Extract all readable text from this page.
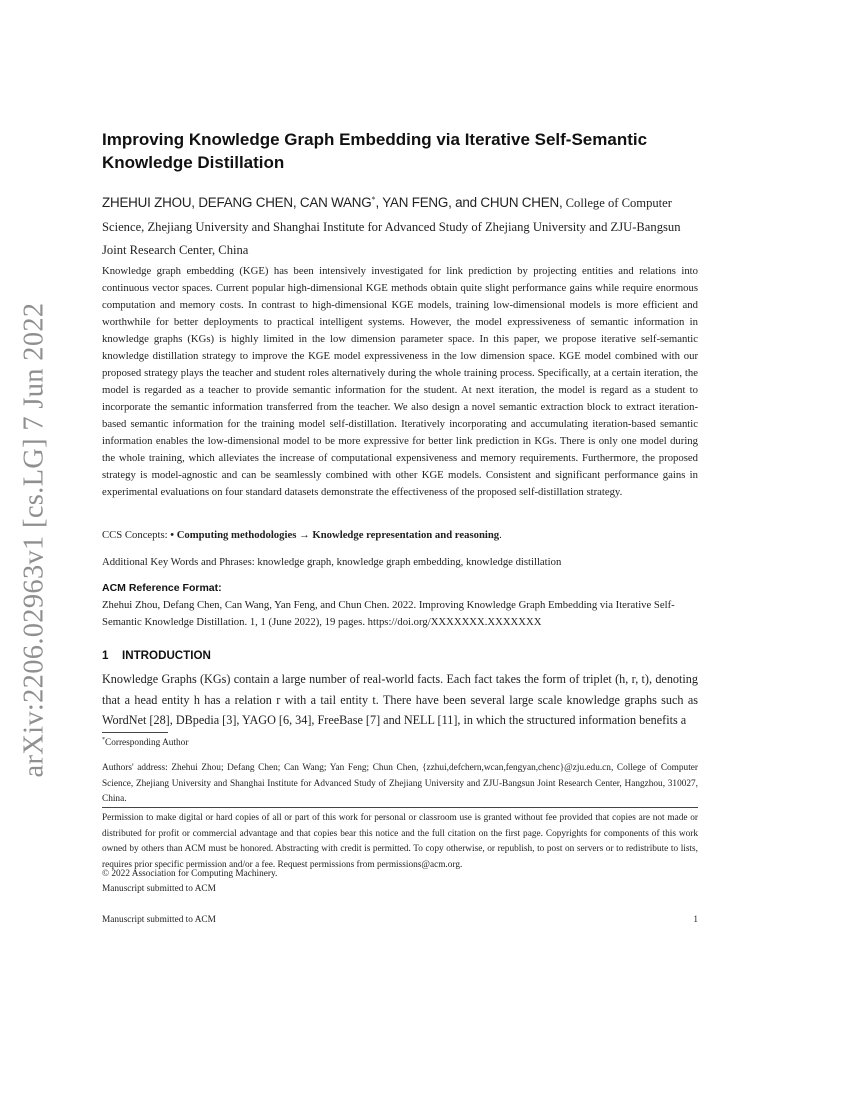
arXiv:2206.02963v1 [cs.LG] 7 Jun 2022
Improving Knowledge Graph Embedding via Iterative Self-Semantic Knowledge Distillation

ZHEHUI ZHOU, DEFANG CHEN, CAN WANG*, YAN FENG, and CHUN CHEN, College of Computer Science, Zhejiang University and Shanghai Institute for Advanced Study of Zhejiang University and ZJU-Bangsun Joint Research Center, China

Knowledge graph embedding (KGE) has been intensively investigated for link prediction by projecting entities and relations into continuous vector spaces. Current popular high-dimensional KGE methods obtain quite slight performance gains while require enormous computation and memory costs. In contrast to high-dimensional KGE models, training low-dimensional models is more efficient and worthwhile for better deployments to practical intelligent systems. However, the model expressiveness of semantic information in knowledge graphs (KGs) is highly limited in the low dimension parameter space. In this paper, we propose iterative self-semantic knowledge distillation strategy to improve the KGE model expressiveness in the low dimension space. KGE model combined with our proposed strategy plays the teacher and student roles alternatively during the whole training process. Specifically, at a certain iteration, the model is regarded as a teacher to provide semantic information for the student. At next iteration, the model is regard as a student to incorporate the semantic information transferred from the teacher. We also design a novel semantic extraction block to extract iteration-based semantic information for the training model self-distillation. Iteratively incorporating and accumulating iteration-based semantic information enables the low-dimensional model to be more expressive for better link prediction in KGs. There is only one model during the whole training, which alleviates the increase of computational expensiveness and memory requirements. Furthermore, the proposed strategy is model-agnostic and can be seamlessly combined with other KGE models. Consistent and significant performance gains in experimental evaluations on four standard datasets demonstrate the effectiveness of the proposed self-distillation strategy.

CCS Concepts: • Computing methodologies → Knowledge representation and reasoning.

Additional Key Words and Phrases: knowledge graph, knowledge graph embedding, knowledge distillation

ACM Reference Format:

Zhehui Zhou, Defang Chen, Can Wang, Yan Feng, and Chun Chen. 2022. Improving Knowledge Graph Embedding via Iterative Self-Semantic Knowledge Distillation. 1, 1 (June 2022), 19 pages. https://doi.org/XXXXXXX.XXXXXXX

1 INTRODUCTION

Knowledge Graphs (KGs) contain a large number of real-world facts. Each fact takes the form of triplet (h, r, t), denoting that a head entity h has a relation r with a tail entity t. There have been several large scale knowledge graphs such as WordNet [28], DBpedia [3], YAGO [6, 34], FreeBase [7] and NELL [11], in which the structured information benefits a

*Corresponding Author

Authors' address: Zhehui Zhou; Defang Chen; Can Wang; Yan Feng; Chun Chen, {zzhui,defchern,wcan,fengyan,chenc}@zju.edu.cn, College of Computer Science, Zhejiang University and Shanghai Institute for Advanced Study of Zhejiang University and ZJU-Bangsun Joint Research Center, Hangzhou, 310027, China.

Permission to make digital or hard copies of all or part of this work for personal or classroom use is granted without fee provided that copies are not made or distributed for profit or commercial advantage and that copies bear this notice and the full citation on the first page. Copyrights for components of this work owned by others than ACM must be honored. Abstracting with credit is permitted. To copy otherwise, or republish, to post on servers or to redistribute to lists, requires prior specific permission and/or a fee. Request permissions from permissions@acm.org.

© 2022 Association for Computing Machinery.

Manuscript submitted to ACM

Manuscript submitted to ACM	1
